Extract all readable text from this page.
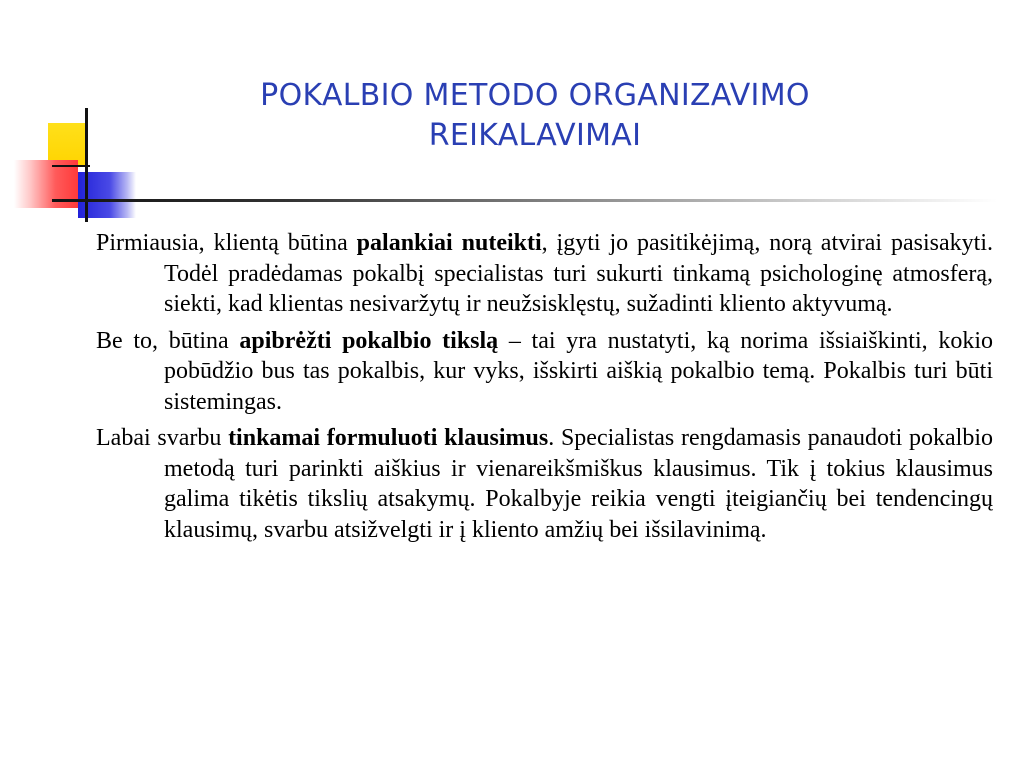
POKALBIO METODO ORGANIZAVIMO
REIKALAVIMAI

Pirmiausia, klientą būtina palankiai nuteikti, įgyti jo pasitikėjimą, norą atvirai pasisakyti. Todėl pradėdamas pokalbį specialistas turi sukurti tinkamą psichologinę atmosferą, siekti, kad klientas nesivaržytų ir neužsisklęstų, sužadinti kliento aktyvumą.

Be to, būtina apibrėžti pokalbio tikslą – tai yra nustatyti, ką norima išsiaiškinti, kokio pobūdžio bus tas pokalbis, kur vyks, išskirti aiškią pokalbio temą. Pokalbis turi būti sistemingas.

Labai svarbu tinkamai formuluoti klausimus. Specialistas rengdamasis panaudoti pokalbio metodą turi parinkti aiškius ir vienareikšmiškus klausimus. Tik į tokius klausimus galima tikėtis tikslių atsakymų. Pokalbyje reikia vengti įteigiančių bei tendencingų klausimų, svarbu atsižvelgti ir į kliento amžių bei išsilavinimą.
